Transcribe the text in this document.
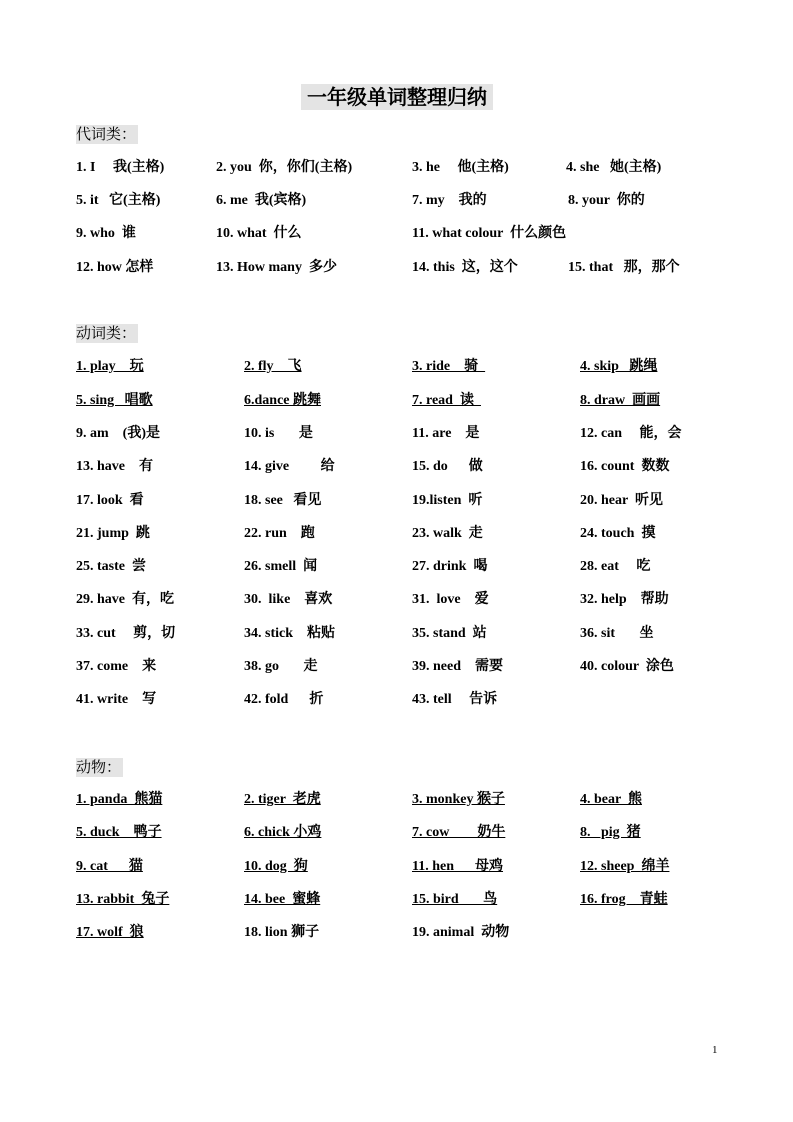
一年级单词整理归纳
代词类：
1. I     我(主格)	2. you  你，你们(主格)	3. he     他(主格)	4. she   她(主格)
5. it   它(主格)	6. me  我(宾格)	7. my    我的	8. your  你的
9. who  谁	10. what  什么	11. what colour  什么颜色
12. how 怎样	13. How many  多少	14. this  这，这个	15. that   那，那个
动词类：
1. play    玩	2. fly    飞	3. ride    骑	4. skip   跳绳
5. sing   唱歌	6.dance 跳舞	7. read  读	8. draw  画画
9. am    (我)是	10. is       是	11. are    是	12. can     能，会
13. have    有	14. give         给	15. do      做	16. count  数数
17. look  看	18. see   看见	19.listen  听	20. hear  听见
21. jump  跳	22. run    跑	23. walk  走	24. touch  摸
25. taste  尝	26. smell  闻	27. drink  喝	28. eat     吃
29. have  有，吃	30.  like    喜欢	31.  love    爱	32. help    帮助
33. cut     剪，切	34. stick    粘贴	35. stand  站	36. sit       坐
37. come    来	38. go       走	39. need    需要	40. colour  涂色
41. write    写	42. fold      折	43. tell     告诉
动物：
1. panda  熊猫	2. tiger  老虎	3. monkey 猴子	4. bear  熊
5. duck    鸭子	6. chick 小鸡	7. cow        奶牛	8.   pig  猪
9. cat      猫	10. dog  狗	11. hen      母鸡	12. sheep  绵羊
13. rabbit  兔子	14. bee  蜜蜂	15. bird       鸟	16. frog    青蛙
17. wolf  狼	18. lion 狮子	19. animal  动物
1
